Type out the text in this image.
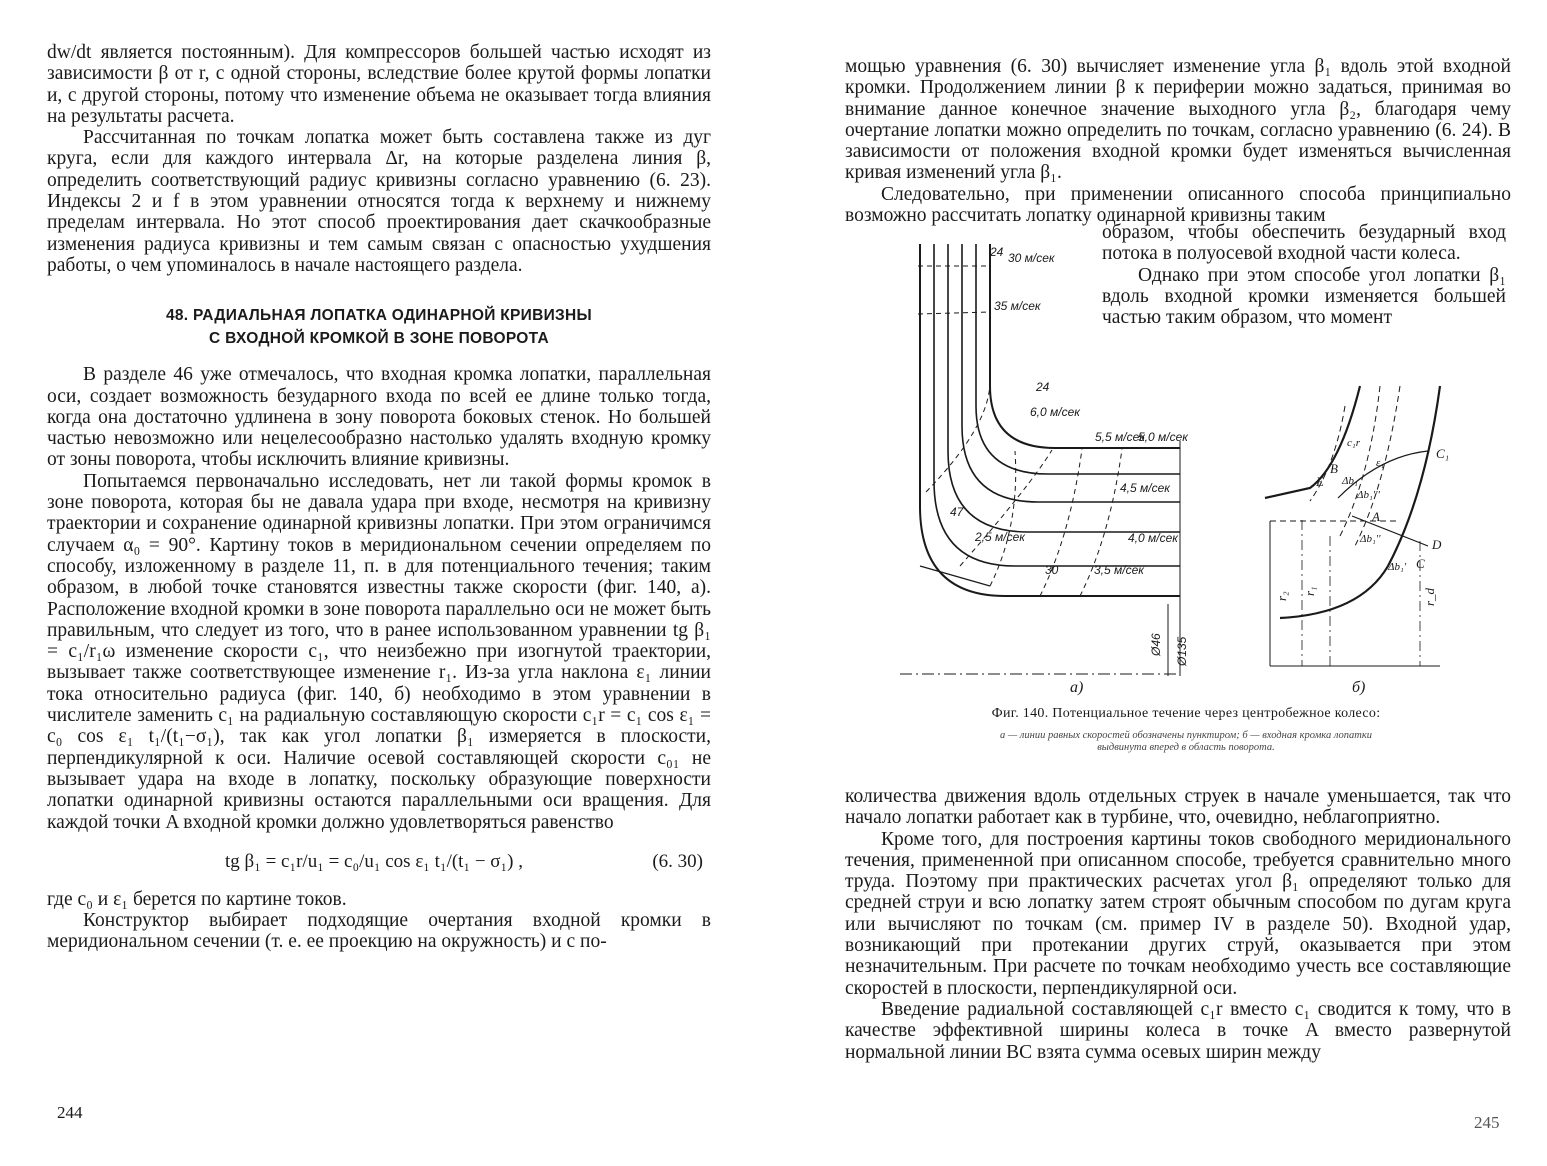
dw/dt является постоянным). Для компрессоров большей частью исходят из зависимости β от r, с одной стороны, вследствие более крутой формы лопатки и, с другой стороны, потому что изменение объема не оказывает тогда влияния на результаты расчета.

Рассчитанная по точкам лопатка может быть составлена также из дуг круга, если для каждого интервала Δr, на которые разделена линия β, определить соответствующий радиус кривизны согласно уравнению (6. 23). Индексы 2 и f в этом уравнении относятся тогда к верхнему и нижнему пределам интервала. Но этот способ проектирования дает скачкообразные изменения радиуса кривизны и тем самым связан с опасностью ухудшения работы, о чем упоминалось в начале настоящего раздела.

48. РАДИАЛЬНАЯ ЛОПАТКА ОДИНАРНОЙ КРИВИЗНЫ
С ВХОДНОЙ КРОМКОЙ В ЗОНЕ ПОВОРОТА

В разделе 46 уже отмечалось, что входная кромка лопатки, параллельная оси, создает возможность безударного входа по всей ее длине только тогда, когда она достаточно удлинена в зону поворота боковых стенок. Но большей частью невозможно или нецелесообразно настолько удалять входную кромку от зоны поворота, чтобы исключить влияние кривизны.

Попытаемся первоначально исследовать, нет ли такой формы кромок в зоне поворота, которая бы не давала удара при входе, несмотря на кривизну траектории и сохранение одинарной кривизны лопатки. При этом ограничимся случаем α₀ = 90°. Картину токов в меридиональном сечении определяем по способу, изложенному в разделе 11, п. в для потенциального течения; таким образом, в любой точке становятся известны также скорости (фиг. 140, а). Расположение входной кромки в зоне поворота параллельно оси не может быть правильным, что следует из того, что в ранее использованном уравнении tg β₁ = c₁/r₁ω изменение скорости c₁, что неизбежно при изогнутой траектории, вызывает также соответствующее изменение r₁. Из-за угла наклона ε₁ линии тока относительно радиуса (фиг. 140, б) необходимо в этом уравнении в числителе заменить c₁ на радиальную составляющую скорости c₁r = c₁ cos ε₁ = c₀ cos ε₁ t₁/(t₁−σ₁), так как угол лопатки β₁ измеряется в плоскости, перпендикулярной к оси. Наличие осевой составляющей скорости c₀₁ не вызывает удара на входе в лопатку, поскольку образующие поверхности лопатки одинарной кривизны остаются параллельными оси вращения. Для каждой точки A входной кромки должно удовлетворяться равенство

tg β₁ = c₁r/u₁ = c₀/u₁ cos ε₁ t₁/(t₁ − σ₁) ,	(6. 30)

где c₀ и ε₁ берется по картине токов.

Конструктор выбирает подходящие очертания входной кромки в меридиональном сечении (т. е. ее проекцию на окружность) и с по-

244

мощью уравнения (6. 30) вычисляет изменение угла β₁ вдоль этой входной кромки. Продолжением линии β к периферии можно задаться, принимая во внимание данное конечное значение выходного угла β₂, благодаря чему очертание лопатки можно определить по точкам, согласно уравнению (6. 24). В зависимости от положения входной кромки будет изменяться вычисленная кривая изменений угла β₁.

Следовательно, при применении описанного способа принципиально возможно рассчитать лопатку одинарной кривизны таким

образом, чтобы обеспечить безударный вход потока в полуосевой входной части колеса.

Однако при этом способе угол лопатки β₁ вдоль входной кромки изменяется большей частью таким образом, что момент

24 30 м/сек
35 м/сек
24
6,0 м/сек
5,5 м/сек
5,0 м/сек
4,5 м/сек
47
4,0 м/сек
2,5 м/сек
30	3,5 м/сек
Ø46 Ø135
а)
B
E
A
C₁
D
C
c₁r
ε₁
Δb₁
Δb₁'''
Δb₁''
Δb₁'
r₂
r₁	r_d
б)
Фиг. 140. Потенциальное течение через центробежное колесо:
а — линии равных скоростей обозначены пунктиром; б — входная кромка лопатки
выдвинута вперед в область поворота.

количества движения вдоль отдельных струек в начале уменьшается, так что начало лопатки работает как в турбине, что, очевидно, неблагоприятно.

Кроме того, для построения картины токов свободного меридионального течения, примененной при описанном способе, требуется сравнительно много труда. Поэтому при практических расчетах угол β₁ определяют только для средней струи и всю лопатку затем строят обычным способом по дугам круга или вычисляют по точкам (см. пример IV в разделе 50). Входной удар, возникающий при протекании других струй, оказывается при этом незначительным. При расчете по точкам необходимо учесть все составляющие скоростей в плоскости, перпендикулярной оси.

Введение радиальной составляющей c₁r вместо c₁ сводится к тому, что в качестве эффективной ширины колеса в точке A вместо развернутой нормальной линии BC взята сумма осевых ширин между

245
